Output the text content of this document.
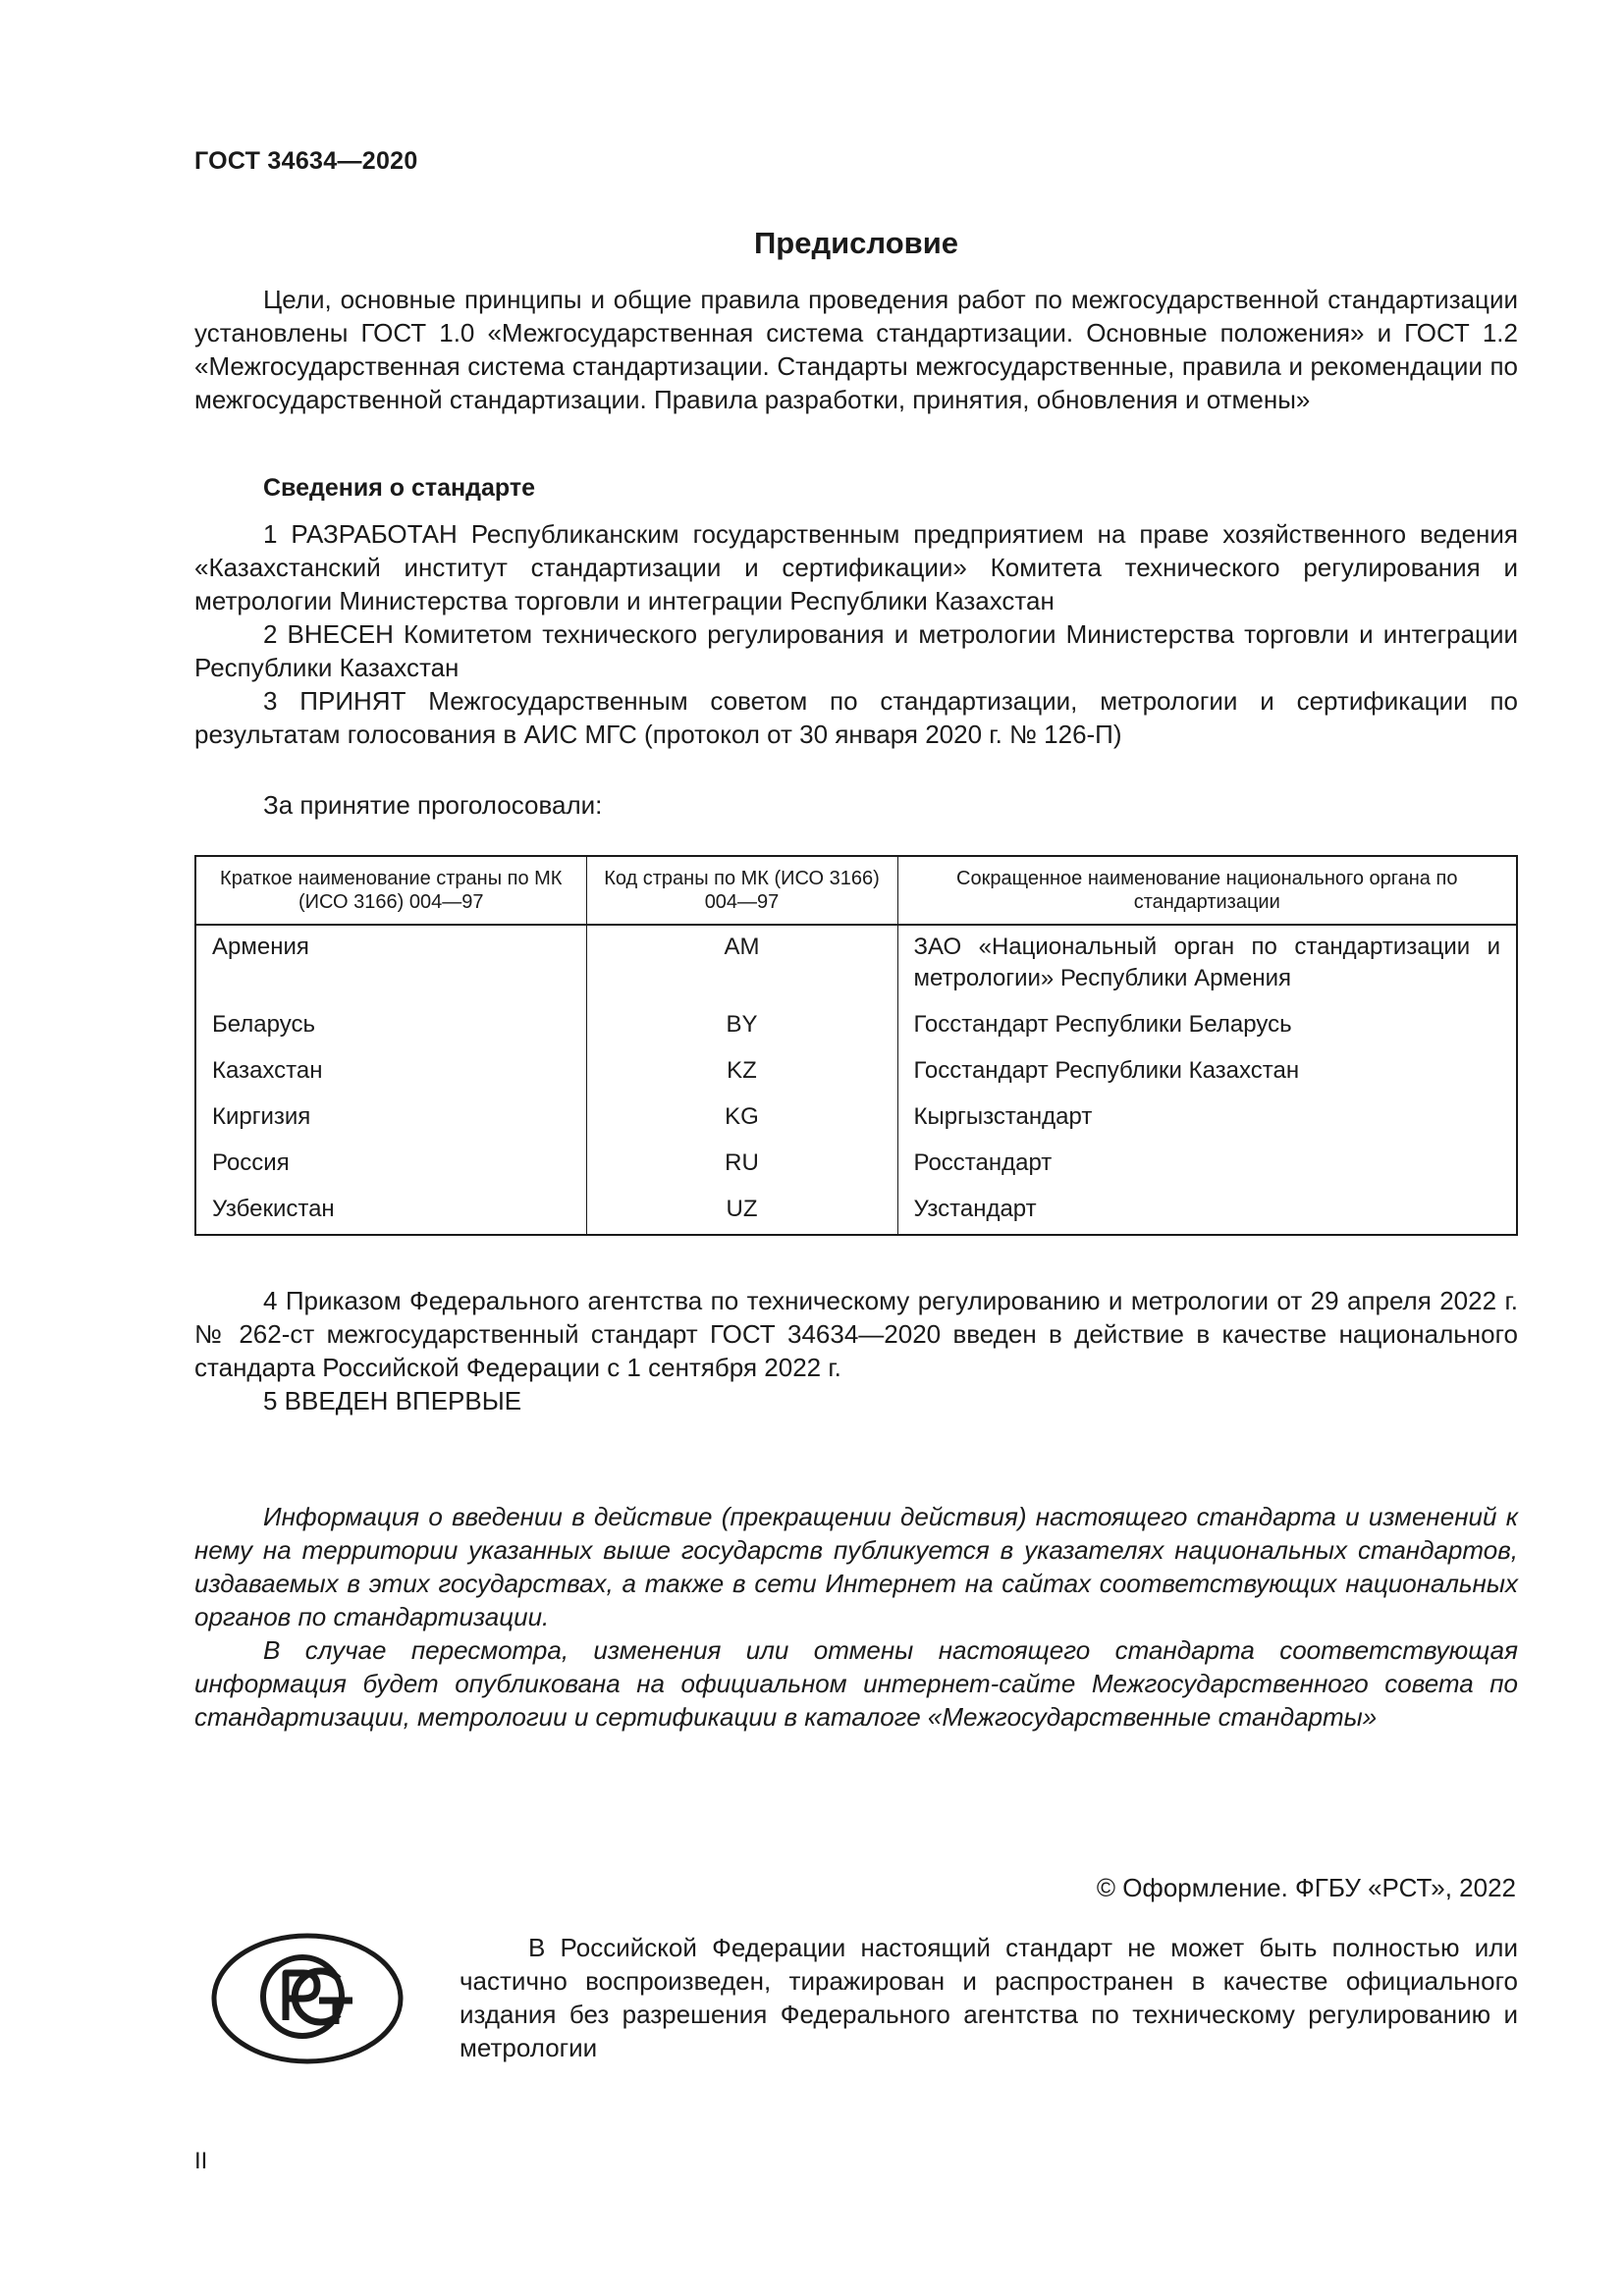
ГОСТ 34634—2020
Предисловие

Цели, основные принципы и общие правила проведения работ по межгосударственной стандартизации установлены ГОСТ 1.0 «Межгосударственная система стандартизации. Основные положения» и ГОСТ 1.2 «Межгосударственная система стандартизации. Стандарты межгосударственные, правила и рекомендации по межгосударственной стандартизации. Правила разработки, принятия, обновления и отмены»

Сведения о стандарте

1 РАЗРАБОТАН Республиканским государственным предприятием на праве хозяйственного ведения «Казахстанский институт стандартизации и сертификации» Комитета технического регулирования и метрологии Министерства торговли и интеграции Республики Казахстан

2 ВНЕСЕН Комитетом технического регулирования и метрологии Министерства торговли и интеграции Республики Казахстан

3 ПРИНЯТ Межгосударственным советом по стандартизации, метрологии и сертификации по результатам голосования в АИС МГС (протокол от 30 января 2020 г. № 126-П)

За принятие проголосовали:
Краткое наименование страны по МК (ИСО 3166) 004—97	Код страны по МК (ИСО 3166) 004—97	Сокращенное наименование национального органа по стандартизации
Армения	AM	ЗАО «Национальный орган по стандартизации и метрологии» Республики Армения
Беларусь	BY	Госстандарт Республики Беларусь
Казахстан	KZ	Госстандарт Республики Казахстан
Киргизия	KG	Кыргызстандарт
Россия	RU	Росстандарт
Узбекистан	UZ	Узстандарт

4 Приказом Федерального агентства по техническому регулированию и метрологии от 29 апреля 2022 г. № 262-ст межгосударственный стандарт ГОСТ 34634—2020 введен в действие в качестве национального стандарта Российской Федерации с 1 сентября 2022 г.

5 ВВЕДЕН ВПЕРВЫЕ

Информация о введении в действие (прекращении действия) настоящего стандарта и изменений к нему на территории указанных выше государств публикуется в указателях национальных стандартов, издаваемых в этих государствах, а также в сети Интернет на сайтах соответствующих национальных органов по стандартизации.

В случае пересмотра, изменения или отмены настоящего стандарта соответствующая информация будет опубликована на официальном интернет-сайте Межгосударственного совета по стандартизации, метрологии и сертификации в каталоге «Межгосударственные стандарты»

© Оформление. ФГБУ «РСТ», 2022

В Российской Федерации настоящий стандарт не может быть полностью или частично воспроизведен, тиражирован и распространен в качестве официального издания без разрешения Федерального агентства по техническому регулированию и метрологии

II
